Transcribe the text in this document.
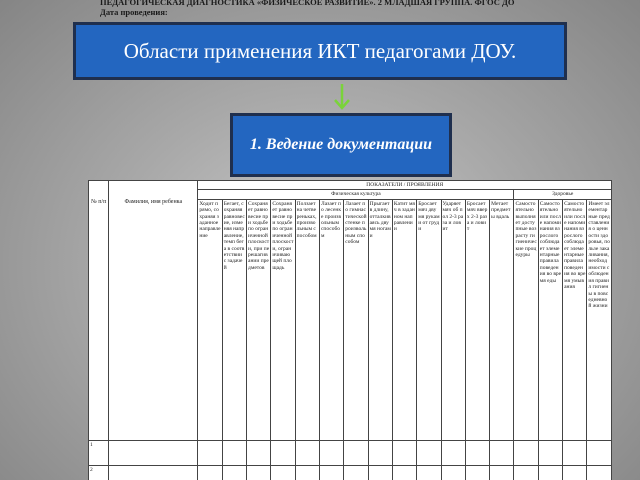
ПЕДАГОГИЧЕСКАЯ ДИАГНОСТИКА «ФИЗИЧЕСКОЕ РАЗВИТИЕ». 2 МЛАДШАЯ ГРУППА. ФГОС ДО
Дата проведения:
Области применения ИКТ педагогами ДОУ.
1. Ведение документации
№ п/п	Фамилия, имя ребенка	ПОКАЗАТЕЛИ / ПРОЯВЛЕНИЯ																
		Физическая культура													Здоровье			
		Ходит прямо, сохраняя заданное направление	Бегает, сохраняя равновесие, изменяя направление, темп бега в соответствии с задачей	Сохраняет равновесие при ходьбе по ограниченной плоскости, при перешагивании предметов	Сохраняет равновесие при ходьбе по ограниченной плоскости, ограничивающей площадь	Ползает на четвереньках, произвольным способом	Лазает по лесенке произвольным способом	Лазает по гимнастической стенке произвольным способом	Прыгает в длину, отталкиваясь двумя ногами	Катит мяч в заданном направлении	Бросает мяч двумя руками от груди	Ударяет мяч об пол 2-3 раза и ловит	Бросает мяч вверх 2-3 раза и ловит	Метает предметы вдаль	Самостоятельно выполняет доступные возрасту гигиенические процедуры	Самостоятельно или после напоминания взрослого соблюдает элементарные правила поведения во время еды	Самостоятельно или после напоминания взрослого соблюдает элементарные правила поведения во время умывания	Имеет элементарные представления о ценности здоровья, пользе закаливания, необходимости соблюдения правил гигиены в повседневной жизни
1																		
2																		
